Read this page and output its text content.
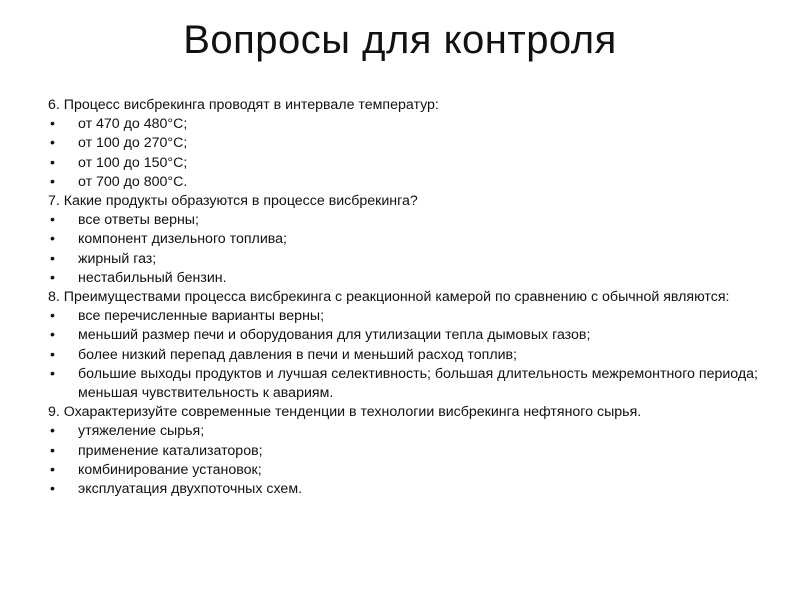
Вопросы для контроля

6. Процесс висбрекинга проводят в интервале температур:

• от 470 до 480°С;
• от 100 до 270°С;
• от 100 до 150°С;
• от 700 до 800°С.

7. Какие продукты образуются в процессе висбрекинга?

• все ответы верны;
• компонент дизельного топлива;
• жирный газ;
• нестабильный бензин.

8. Преимуществами процесса висбрекинга с реакционной камерой по сравнению с обычной являются:

• все перечисленные варианты верны;
• меньший размер печи и оборудования для утилизации тепла дымовых газов;
• более низкий перепад давления в печи и меньший расход топлив;
• большие выходы продуктов и лучшая селективность; большая длительность межремонтного периода; меньшая чувствительность к авариям.

9. Охарактеризуйте современные тенденции в технологии висбрекинга нефтяного сырья.

• утяжеление сырья;
• применение катализаторов;
• комбинирование установок;
• эксплуатация двухпоточных схем.
